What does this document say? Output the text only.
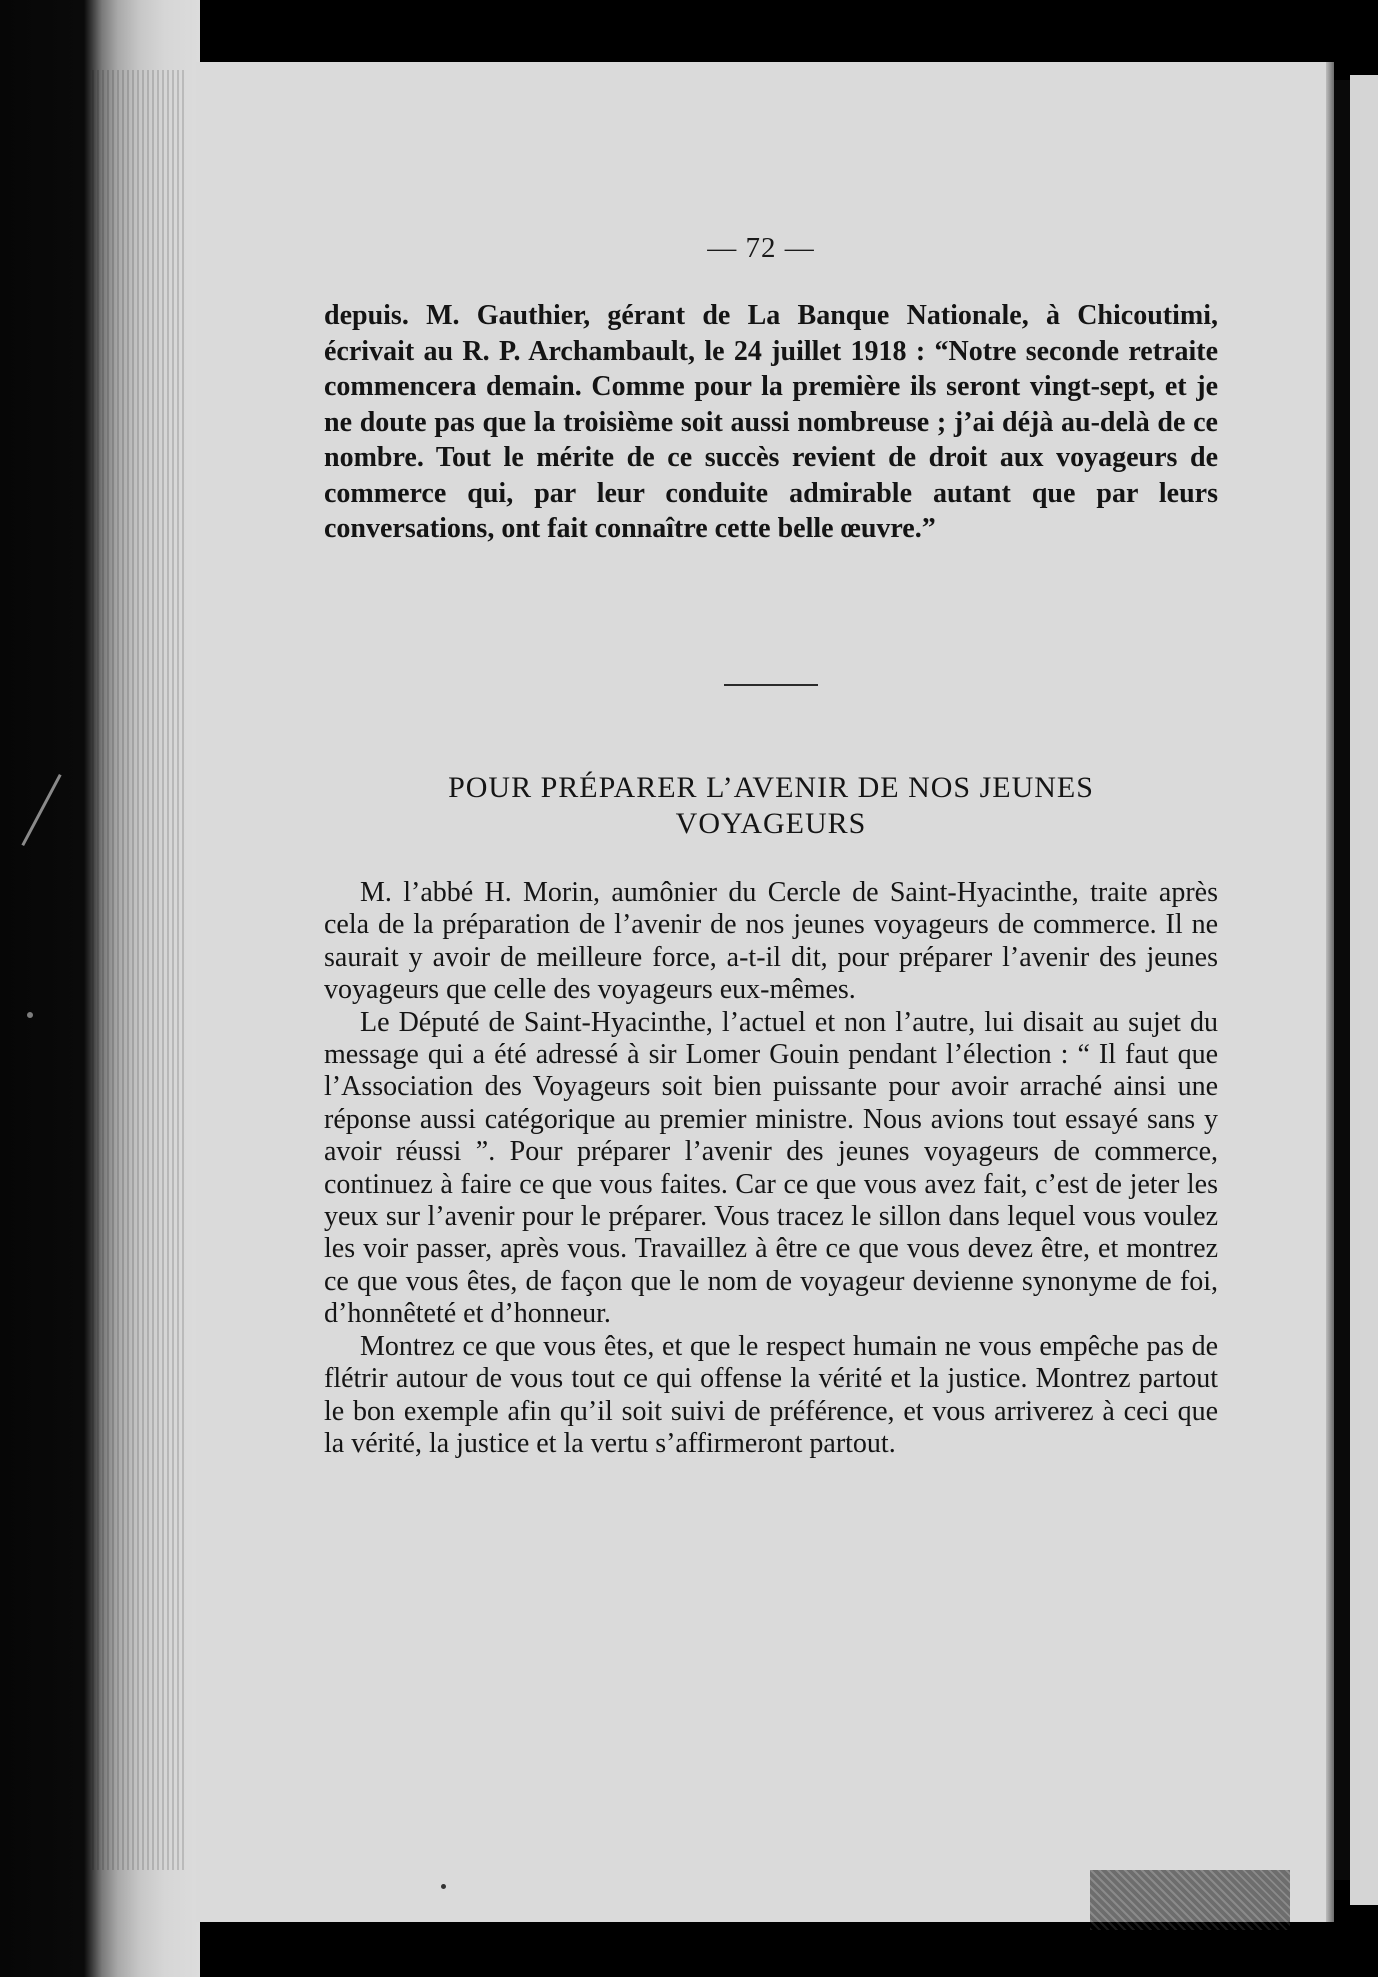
— 72 —

depuis. M. Gauthier, gérant de La Banque Nationale, à Chicoutimi, écrivait au R. P. Archambault, le 24 juillet 1918 : “Notre seconde retraite commencera demain. Comme pour la première ils seront vingt-sept, et je ne doute pas que la troisième soit aussi nombreuse ; j’ai déjà au-delà de ce nombre. Tout le mérite de ce succès revient de droit aux voyageurs de commerce qui, par leur conduite admirable autant que par leurs conversations, ont fait connaître cette belle œuvre.”

POUR PRÉPARER L’AVENIR DE NOS JEUNES
VOYAGEURS

M. l’abbé H. Morin, aumônier du Cercle de Saint-Hyacinthe, traite après cela de la préparation de l’avenir de nos jeunes voyageurs de commerce. Il ne saurait y avoir de meilleure force, a-t-il dit, pour préparer l’avenir des jeunes voyageurs que celle des voyageurs eux-mêmes.

Le Député de Saint-Hyacinthe, l’actuel et non l’autre, lui disait au sujet du message qui a été adressé à sir Lomer Gouin pendant l’élection : “ Il faut que l’Association des Voyageurs soit bien puissante pour avoir arraché ainsi une réponse aussi catégorique au premier ministre. Nous avions tout essayé sans y avoir réussi ”. Pour préparer l’avenir des jeunes voyageurs de commerce, continuez à faire ce que vous faites. Car ce que vous avez fait, c’est de jeter les yeux sur l’avenir pour le préparer. Vous tracez le sillon dans lequel vous voulez les voir passer, après vous. Travaillez à être ce que vous devez être, et montrez ce que vous êtes, de façon que le nom de voyageur devienne synonyme de foi, d’honnêteté et d’honneur.

Montrez ce que vous êtes, et que le respect humain ne vous empêche pas de flétrir autour de vous tout ce qui offense la vérité et la justice. Montrez partout le bon exemple afin qu’il soit suivi de préférence, et vous arriverez à ceci que la vérité, la justice et la vertu s’affirmeront partout.
